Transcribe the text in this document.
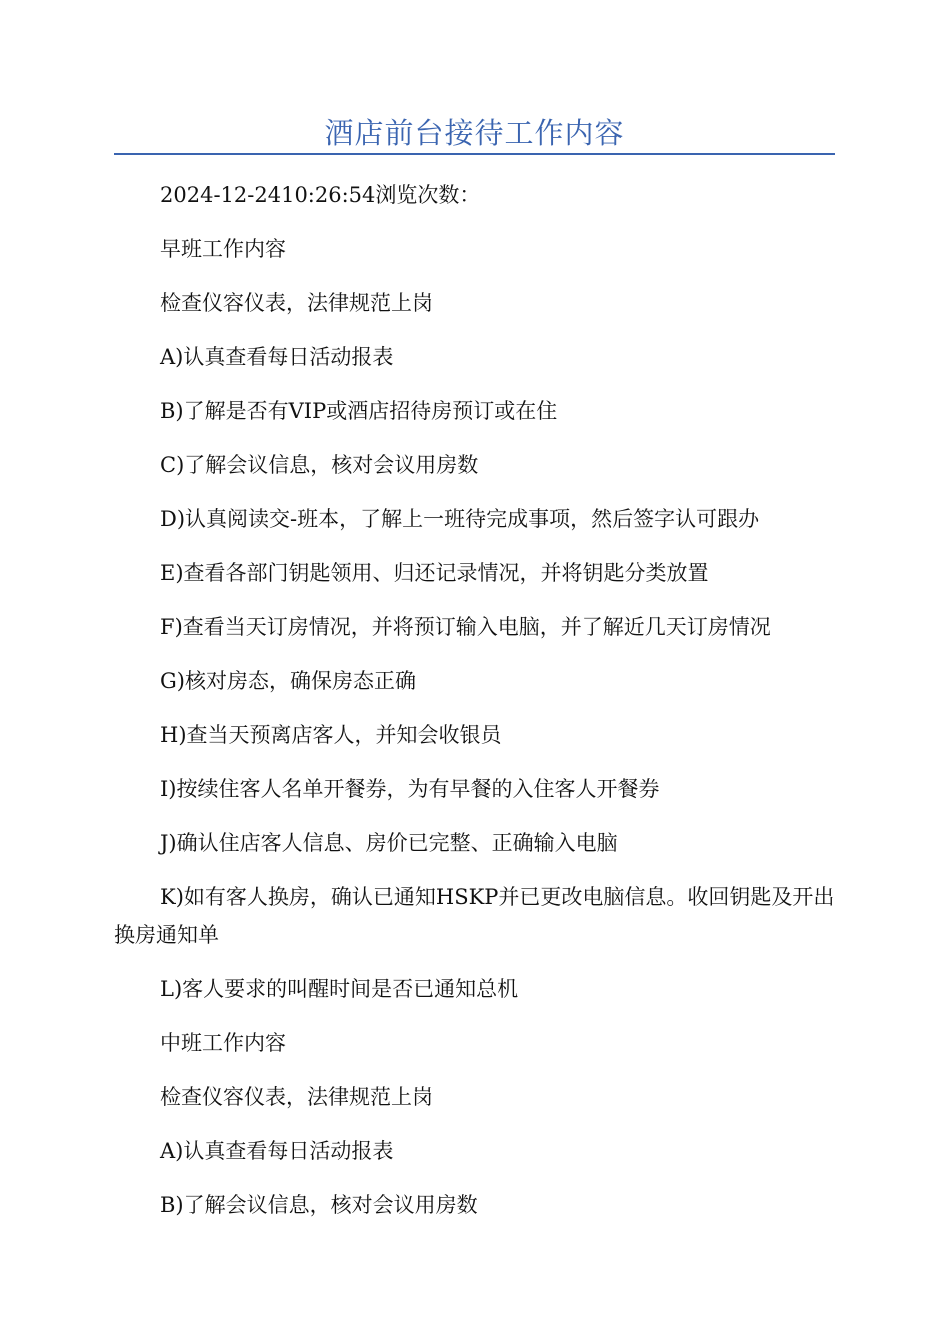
酒店前台接待工作内容
2024-12-2410:26:54浏览次数：
早班工作内容
检查仪容仪表，法律规范上岗
A)认真查看每日活动报表
B)了解是否有VIP或酒店招待房预订或在住
C)了解会议信息，核对会议用房数
D)认真阅读交-班本，了解上一班待完成事项，然后签字认可跟办
E)查看各部门钥匙领用、归还记录情况，并将钥匙分类放置
F)查看当天订房情况，并将预订输入电脑，并了解近几天订房情况
G)核对房态，确保房态正确
H)查当天预离店客人，并知会收银员
I)按续住客人名单开餐券，为有早餐的入住客人开餐券
J)确认住店客人信息、房价已完整、正确输入电脑
K)如有客人换房，确认已通知HSKP并已更改电脑信息。收回钥匙及开出换房通知单
L)客人要求的叫醒时间是否已通知总机
中班工作内容
检查仪容仪表，法律规范上岗
A)认真查看每日活动报表
B)了解会议信息，核对会议用房数
